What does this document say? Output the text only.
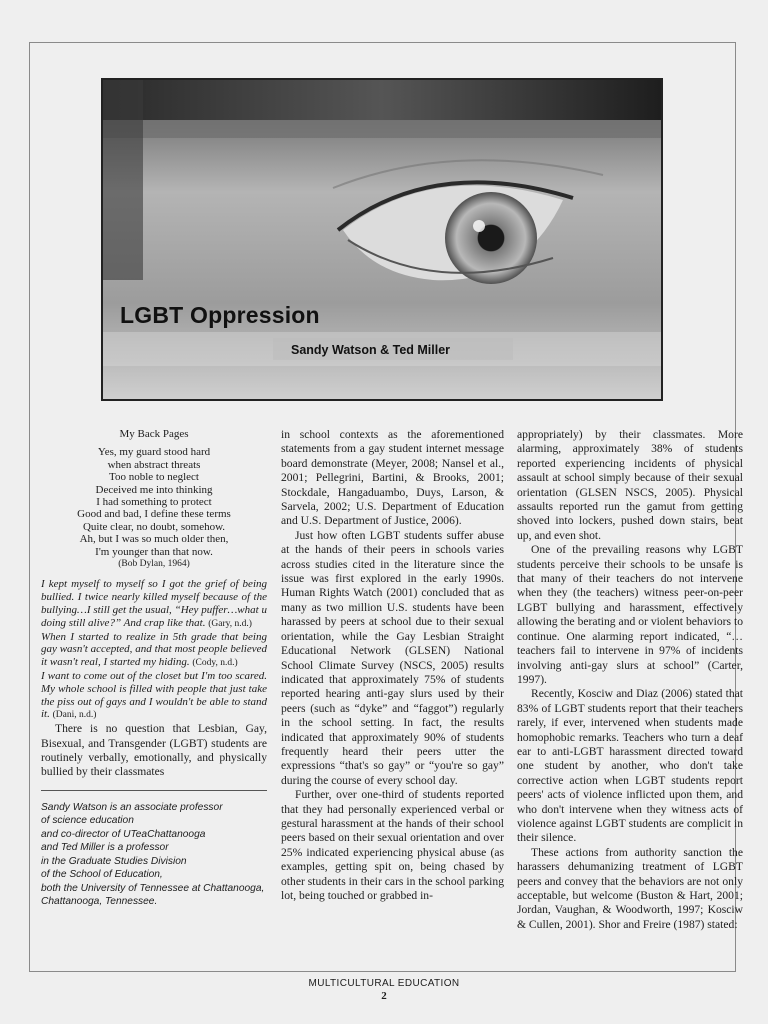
LGBT Oppression

Sandy Watson & Ted Miller

My Back Pages
Yes, my guard stood hard
when abstract threats
Too noble to neglect
Deceived me into thinking
I had something to protect
Good and bad, I define these terms
Quite clear, no doubt, somehow.
Ah, but I was so much older then,
I'm younger than that now.
(Bob Dylan, 1964)

I kept myself to myself so I got the grief of being bullied. I twice nearly killed myself because of the bullying…I still get the usual, “Hey puffer…what u doing still alive?” And crap like that. (Gary, n.d.)

When I started to realize in 5th grade that being gay wasn't accepted, and that most people believed it wasn't real, I started my hiding. (Cody, n.d.)

I want to come out of the closet but I'm too scared. My whole school is filled with people that just take the piss out of gays and I wouldn't be able to stand it. (Dani, n.d.)

There is no question that Lesbian, Gay, Bisexual, and Transgender (LGBT) students are routinely verbally, emotionally, and physically bullied by their classmates

Sandy Watson is an associate professor
of science education
and co-director of UTeaChattanooga
and Ted Miller is a professor
in the Graduate Studies Division
of the School of Education,
both the University of Tennessee at Chattanooga,
Chattanooga, Tennessee.

in school contexts as the aforementioned statements from a gay student internet message board demonstrate (Meyer, 2008; Nansel et al., 2001; Pellegrini, Bartini, & Brooks, 2001; Stockdale, Hangaduambo, Duys, Larson, & Sarvela, 2002; U.S. Department of Education and U.S. Department of Justice, 2006).

Just how often LGBT students suffer abuse at the hands of their peers in schools varies across studies cited in the literature since the issue was first explored in the early 1990s. Human Rights Watch (2001) concluded that as many as two million U.S. students have been harassed by peers at school due to their sexual orientation, while the Gay Lesbian Straight Educational Network (GLSEN) National School Climate Survey (NSCS, 2005) results indicated that approximately 75% of students reported hearing anti-gay slurs used by their peers (such as “dyke” and “faggot”) regularly in the school setting. In fact, the results indicated that approximately 90% of students frequently heard their peers utter the expressions “that's so gay” or “you're so gay” during the course of every school day.

Further, over one-third of students reported that they had personally experienced verbal or gestural harassment at the hands of their school peers based on their sexual orientation and over 25% indicated experiencing physical abuse (as examples, getting spit on, being chased by other students in their cars in the school parking lot, being touched or grabbed in-

appropriately) by their classmates. More alarming, approximately 38% of students reported experiencing incidents of physical assault at school simply because of their sexual orientation (GLSEN NSCS, 2005). Physical assaults reported run the gamut from getting shoved into lockers, pushed down stairs, beat up, and even shot.

One of the prevailing reasons why LGBT students perceive their schools to be unsafe is that many of their teachers do not intervene when they (the teachers) witness peer-on-peer LGBT bullying and harassment, effectively allowing the berating and or violent behaviors to continue. One alarming report indicated, “…teachers fail to intervene in 97% of incidents involving anti-gay slurs at school” (Carter, 1997).

Recently, Kosciw and Diaz (2006) stated that 83% of LGBT students report that their teachers rarely, if ever, intervened when students made homophobic remarks. Teachers who turn a deaf ear to anti-LGBT harassment directed toward one student by another, who don't take corrective action when LGBT students report peers' acts of violence inflicted upon them, and who don't intervene when they witness acts of violence against LGBT students are complicit in their silence.

These actions from authority sanction the harassers dehumanizing treatment of LGBT peers and convey that the behaviors are not only acceptable, but welcome (Buston & Hart, 2001; Jordan, Vaughan, & Woodworth, 1997; Kosciw & Cullen, 2001). Shor and Freire (1987) stated:

MULTICULTURAL EDUCATION
2
